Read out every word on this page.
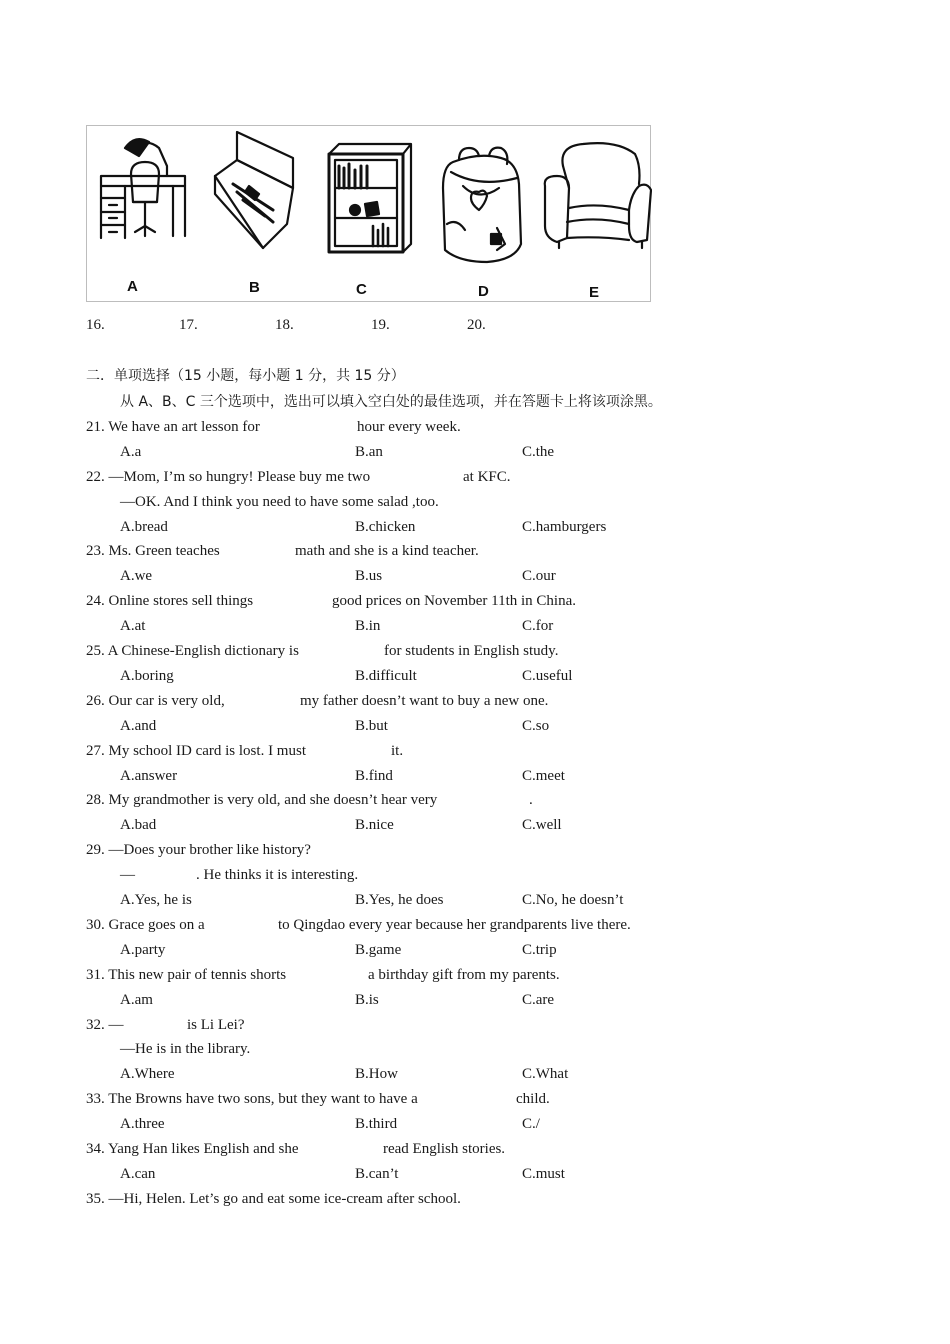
A	B	C	D	E
16.	17.	18.	19.	20.
二．单项选择（15 小题，每小题 1 分，共 15 分）
从 A、B、C 三个选项中，选出可以填入空白处的最佳选项，并在答题卡上将该项涂黑。
21. We have an art lesson for	hour every week.
A.a	B.an	C.the
22. —Mom, I’m so hungry! Please buy me two	at KFC.
—OK. And I think you need to have some salad ,too.
A.bread	B.chicken	C.hamburgers
23. Ms. Green teaches	math and she is a kind teacher.
A.we	B.us	C.our
24. Online stores sell things	good prices on November 11th in China.
A.at	B.in	C.for
25. A Chinese-English dictionary is	for students in English study.
A.boring	B.difficult	C.useful
26. Our car is very old,	my father doesn’t want to buy a new one.
A.and	B.but	C.so
27. My school ID card is lost. I must	it.
A.answer	B.find	C.meet
28. My grandmother is very old, and she doesn’t hear very	.
A.bad	B.nice	C.well
29. —Does your brother like history?
—	. He thinks it is interesting.
A.Yes, he is	B.Yes, he does	C.No, he doesn’t
30. Grace goes on a	to Qingdao every year because her grandparents live there.
A.party	B.game	C.trip
31. This new pair of tennis shorts	a birthday gift from my parents.
A.am	B.is	C.are
32. —	is Li Lei?
—He is in the library.
A.Where	B.How	C.What
33. The Browns have two sons, but they want to have a	child.
A.three	B.third	C./
34. Yang Han likes English and she	read English stories.
A.can	B.can’t	C.must
35. —Hi, Helen. Let’s go and eat some ice-cream after school.
